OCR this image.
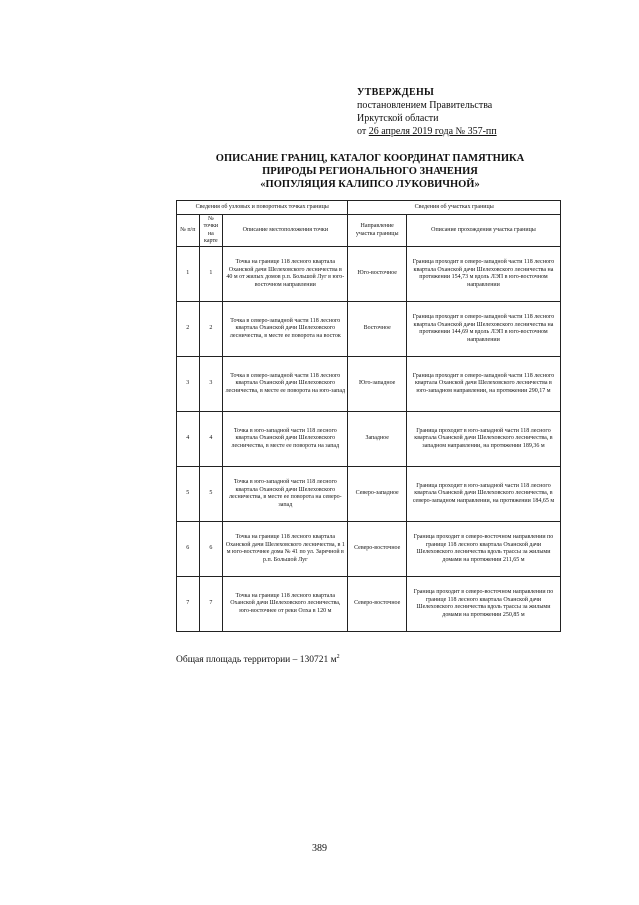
УТВЕРЖДЕНЫ
постановлением Правительства
Иркутской области
от 26 апреля 2019 года № 357-пп
ОПИСАНИЕ ГРАНИЦ, КАТАЛОГ КООРДИНАТ ПАМЯТНИКА
ПРИРОДЫ РЕГИОНАЛЬНОГО ЗНАЧЕНИЯ
«ПОПУЛЯЦИЯ КАЛИПСО ЛУКОВИЧНОЙ»
Сведения об узловых и поворотных точках границы			Сведения об участках границы	
№ п/п	№ точки на карте	Описание местоположения точки	Направление участка границы	Описание прохождения участка границы
1	1	Точка на границе 118 лесного квартала Оханской дачи Шелеховского лесничества в 40 м от жилых домов р.п. Большой Луг в юго-восточном направлении	Юго-восточное	Граница проходит в северо-западной части 118 лесного квартала Оханской дачи Шелеховского лесничества на протяжении 154,73 м вдоль ЛЭП в юго-восточном направлении
2	2	Точка в северо-западной части 118 лесного квартала Оханской дачи Шелеховского лесничества, в месте ее поворота на восток	Восточное	Граница проходит в северо-западной части 118 лесного квартала Оханской дачи Шелеховского лесничества на протяжении 144,69 м вдоль ЛЭП в юго-восточном направлении
3	3	Точка в северо-западной части 118 лесного квартала Оханской дачи Шелеховского лесничества, в месте ее поворота на юго-запад	Юго-западное	Граница проходит в северо-западной части 118 лесного квартала Оханской дачи Шелеховского лесничества в юго-западном направлении, на протяжении 290,17 м
4	4	Точка в юго-западной части 118 лесного квартала Оханской дачи Шелеховского лесничества, в месте ее поворота на запад	Западное	Граница проходит в юго-западной части 118 лесного квартала Оханской дачи Шелеховского лесничества, в западном направлении, на протяжении 189,36 м
5	5	Точка в юго-западной части 118 лесного квартала Оханской дачи Шелеховского лесничества, в месте ее поворота на северо-запад	Северо-западное	Граница проходит в юго-западной части 118 лесного квартала Оханской дачи Шелеховского лесничества, в северо-западном направлении, на протяжении 184,65 м
6	6	Точка на границе 118 лесного квартала Оханской дачи Шелеховского лесничества, в 1 м юго-восточнее дома № 41 по ул. Заречной в р.п. Большой Луг	Северо-восточное	Граница проходит в северо-восточном направлении по границе 118 лесного квартала Оханской дачи Шелеховского лесничества вдоль трассы за жилыми домами на протяжении 211,65 м
7	7	Точка на границе 118 лесного квартала Оханской дачи Шелеховского лесничества, юго-восточнее от реки Олха в 120 м	Северо-восточное	Граница проходит в северо-восточном направлении по границе 118 лесного квартала Оханской дачи Шелеховского лесничества вдоль трассы за жилыми домами на протяжении 250,85 м
Общая площадь территории – 130721 $м^2$
389
